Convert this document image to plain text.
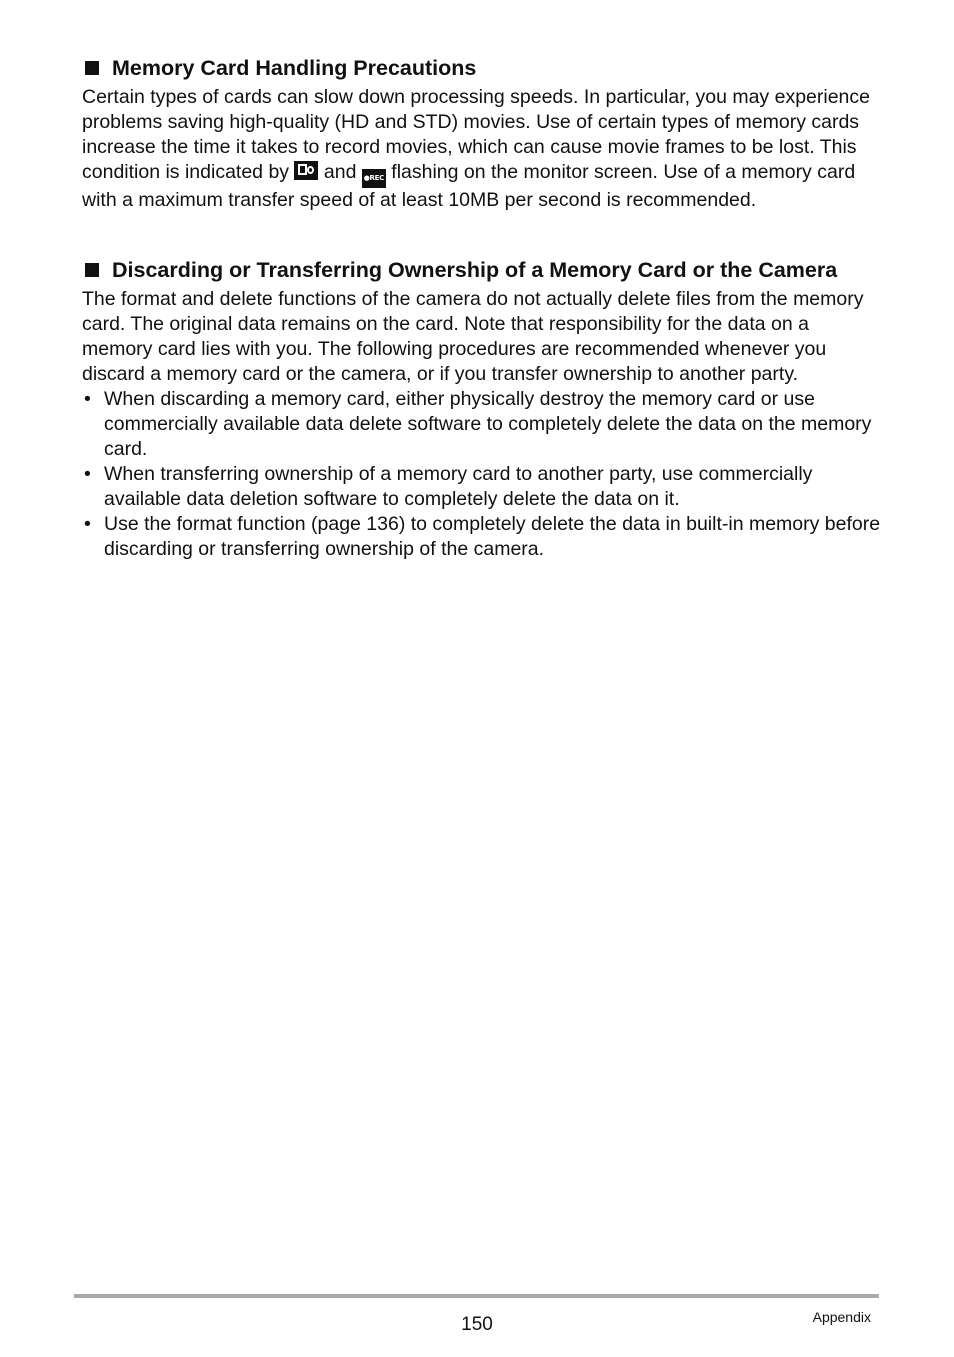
Memory Card Handling Precautions

Certain types of cards can slow down processing speeds. In particular, you may experience problems saving high-quality (HD and STD) movies. Use of certain types of memory cards increase the time it takes to record movies, which can cause movie frames to be lost. This condition is indicated by and ●REC flashing on the monitor screen. Use of a memory card with a maximum transfer speed of at least 10MB per second is recommended.

Discarding or Transferring Ownership of a Memory Card or the Camera

The format and delete functions of the camera do not actually delete files from the memory card. The original data remains on the card. Note that responsibility for the data on a memory card lies with you. The following procedures are recommended whenever you discard a memory card or the camera, or if you transfer ownership to another party.

• When discarding a memory card, either physically destroy the memory card or use commercially available data delete software to completely delete the data on the memory card.
• When transferring ownership of a memory card to another party, use commercially available data deletion software to completely delete the data on it.
• Use the format function (page 136) to completely delete the data in built-in memory before discarding or transferring ownership of the camera.
150	Appendix
